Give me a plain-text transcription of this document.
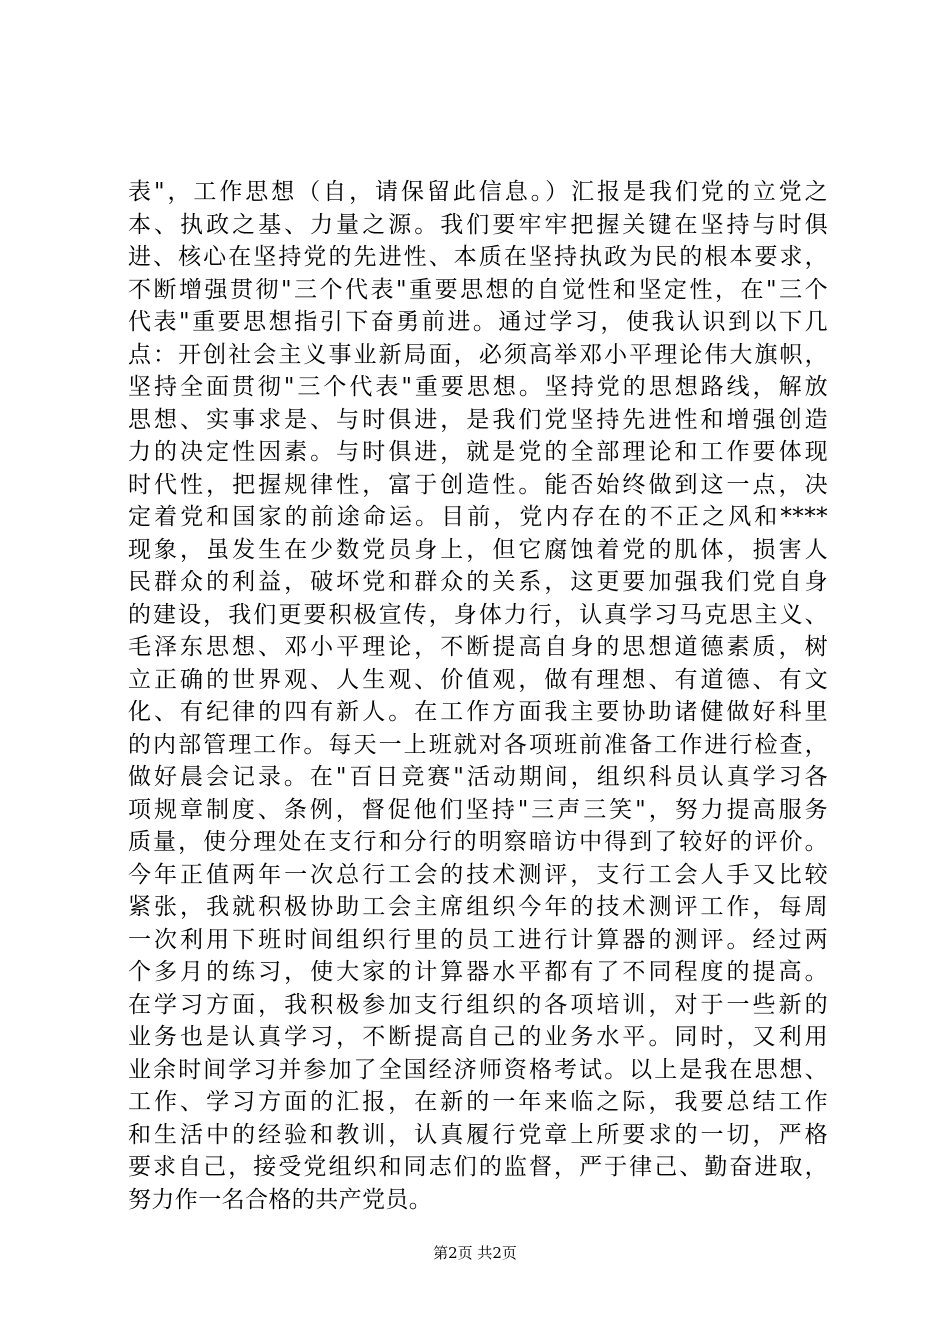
表"，工作思想（自，请保留此信息。）汇报是我们党的立党之
本、执政之基、力量之源。我们要牢牢把握关键在坚持与时俱
进、核心在坚持党的先进性、本质在坚持执政为民的根本要求，
不断增强贯彻"三个代表"重要思想的自觉性和坚定性，在"三个
代表"重要思想指引下奋勇前进。通过学习，使我认识到以下几
点：开创社会主义事业新局面，必须高举邓小平理论伟大旗帜，
坚持全面贯彻"三个代表"重要思想。坚持党的思想路线，解放
思想、实事求是、与时俱进，是我们党坚持先进性和增强创造
力的决定性因素。与时俱进，就是党的全部理论和工作要体现
时代性，把握规律性，富于创造性。能否始终做到这一点，决
定着党和国家的前途命运。目前，党内存在的不正之风和****
现象，虽发生在少数党员身上，但它腐蚀着党的肌体，损害人
民群众的利益，破坏党和群众的关系，这更要加强我们党自身
的建设，我们更要积极宣传，身体力行，认真学习马克思主义、
毛泽东思想、邓小平理论，不断提高自身的思想道德素质，树
立正确的世界观、人生观、价值观，做有理想、有道德、有文
化、有纪律的四有新人。在工作方面我主要协助诸健做好科里
的内部管理工作。每天一上班就对各项班前准备工作进行检查，
做好晨会记录。在"百日竞赛"活动期间，组织科员认真学习各
项规章制度、条例，督促他们坚持"三声三笑"，努力提高服务
质量，使分理处在支行和分行的明察暗访中得到了较好的评价。
今年正值两年一次总行工会的技术测评，支行工会人手又比较
紧张，我就积极协助工会主席组织今年的技术测评工作，每周
一次利用下班时间组织行里的员工进行计算器的测评。经过两
个多月的练习，使大家的计算器水平都有了不同程度的提高。
在学习方面，我积极参加支行组织的各项培训，对于一些新的
业务也是认真学习，不断提高自己的业务水平。同时，又利用
业余时间学习并参加了全国经济师资格考试。以上是我在思想、
工作、学习方面的汇报，在新的一年来临之际，我要总结工作
和生活中的经验和教训，认真履行党章上所要求的一切，严格
要求自己，接受党组织和同志们的监督，严于律己、勤奋进取，
努力作一名合格的共产党员。
第2页 共2页
